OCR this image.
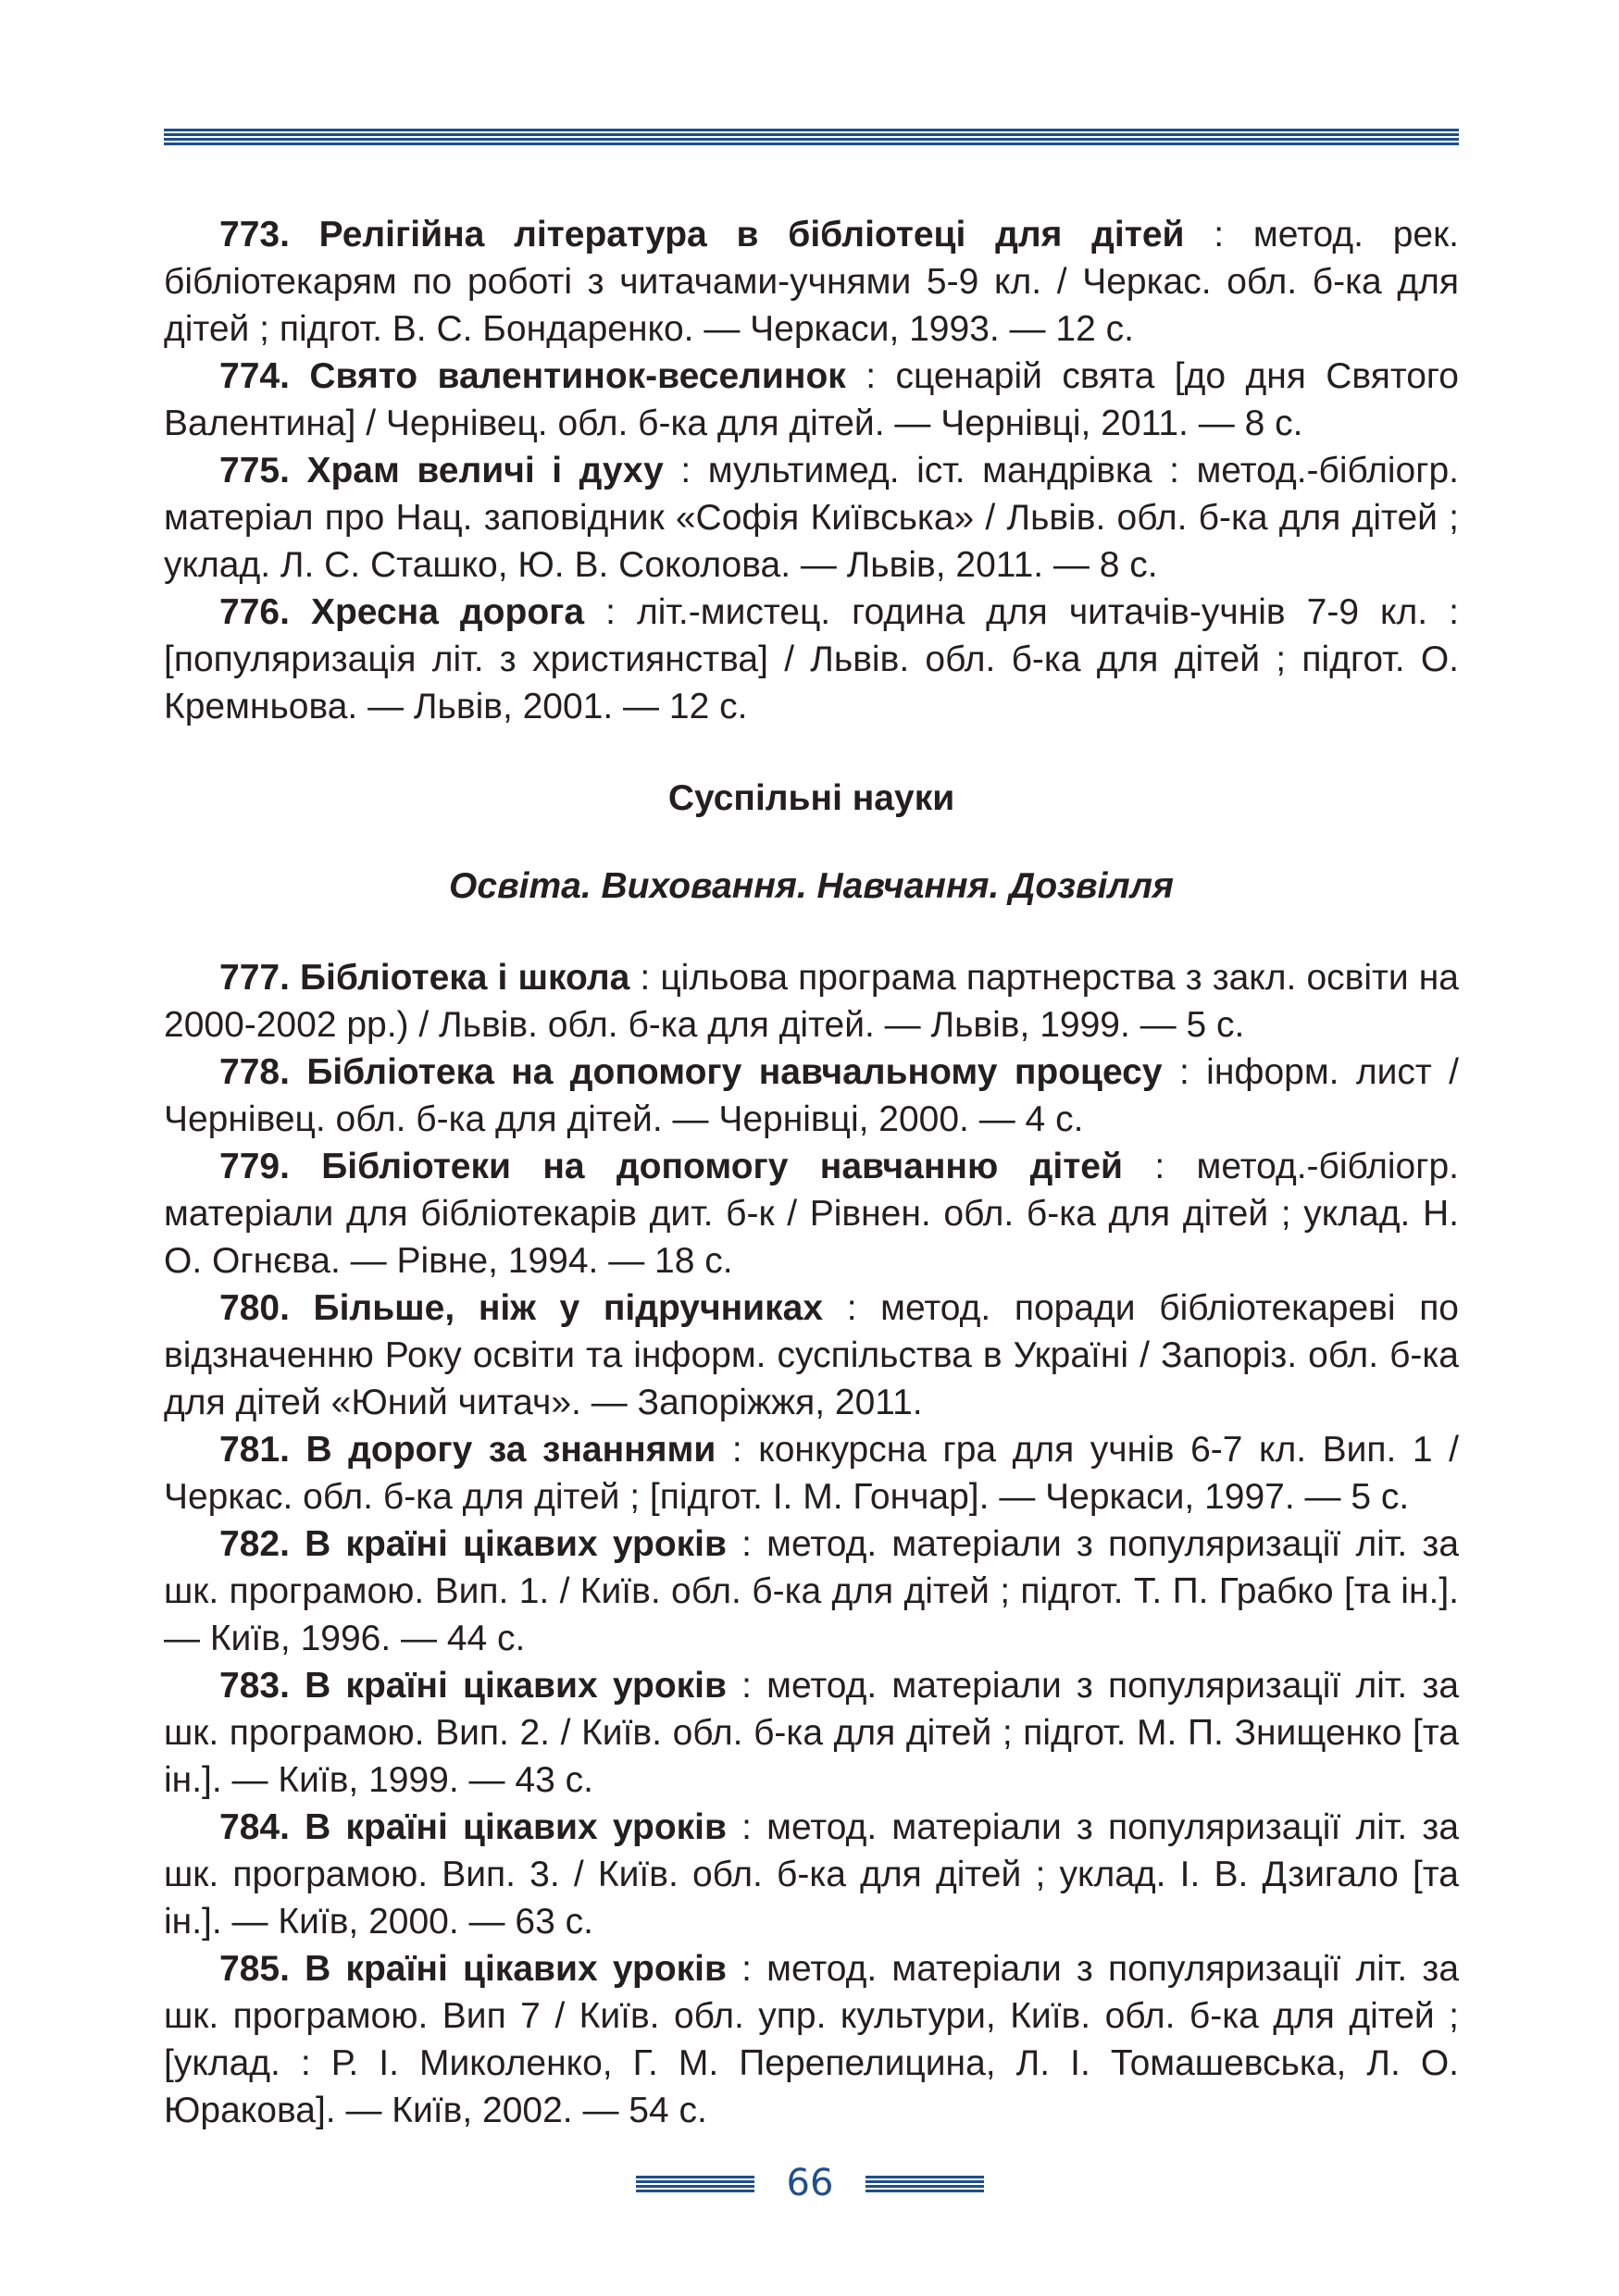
773. Релігійна література в бібліотеці для дітей : метод. рек. бібліотекарям по роботі з читачами-учнями 5-9 кл. / Черкас. обл. б-ка для дітей ; підгот. В. С. Бондаренко. — Черкаси, 1993. — 12 с.

774. Свято валентинок-веселинок : сценарій свята [до дня Святого Валентина] / Чернівец. обл. б-ка для дітей. — Чернівці, 2011. — 8 с.

775. Храм величі і духу : мультимед. іст. мандрівка : метод.-бібліогр. матеріал про Нац. заповідник «Софія Київська» / Львів. обл. б-ка для дітей ; уклад. Л. С. Сташко, Ю. В. Соколова. — Львів, 2011. — 8 с.

776. Хресна дорога : літ.-мистец. година для читачів-учнів 7-9 кл. : [популяризація літ. з християнства] / Львів. обл. б-ка для дітей ; підгот. О. Кремньова. — Львів, 2001. — 12 с.

Суспільні науки
Освіта. Виховання. Навчання. Дозвілля

777. Бібліотека і школа : цільова програма партнерства з закл. освіти на 2000-2002 рр.) / Львів. обл. б-ка для дітей. — Львів, 1999. — 5 с.

778. Бібліотека на допомогу навчальному процесу : інформ. лист / Чернівец. обл. б-ка для дітей. — Чернівці, 2000. — 4 с.

779. Бібліотеки на допомогу навчанню дітей : метод.-бібліогр. матеріали для бібліотекарів дит. б-к / Рівнен. обл. б-ка для дітей ; уклад. Н. О. Огнєва. — Рівне, 1994. — 18 с.

780. Більше, ніж у підручниках : метод. поради бібліотекареві по відзначенню Року освіти та інформ. суспільства в Україні / Запоріз. обл. б-ка для дітей «Юний читач». — Запоріжжя, 2011.

781. В дорогу за знаннями : конкурсна гра для учнів 6-7 кл. Вип. 1 / Черкас. обл. б-ка для дітей ; [підгот. І. М. Гончар]. — Черкаси, 1997. — 5 с.

782. В країні цікавих уроків : метод. матеріали з популяризації літ. за шк. програмою. Вип. 1. / Київ. обл. б-ка для дітей ; підгот. Т. П. Грабко [та ін.]. — Київ, 1996. — 44 с.

783. В країні цікавих уроків : метод. матеріали з популяризації літ. за шк. програмою. Вип. 2. / Київ. обл. б-ка для дітей ; підгот. М. П. Знищенко [та ін.]. — Київ, 1999. — 43 с.

784. В країні цікавих уроків : метод. матеріали з популяризації літ. за шк. програмою. Вип. 3. / Київ. обл. б-ка для дітей ; уклад. І. В. Дзигало [та ін.]. — Київ, 2000. — 63 с.

785. В країні цікавих уроків : метод. матеріали з популяризації літ. за шк. програмою. Вип 7 / Київ. обл. упр. культури, Київ. обл. б-ка для дітей ; [уклад. : Р. І. Миколенко, Г. М. Перепелицина, Л. І. Томашевська, Л. О. Юракова]. — Київ, 2002. — 54 с.

66
